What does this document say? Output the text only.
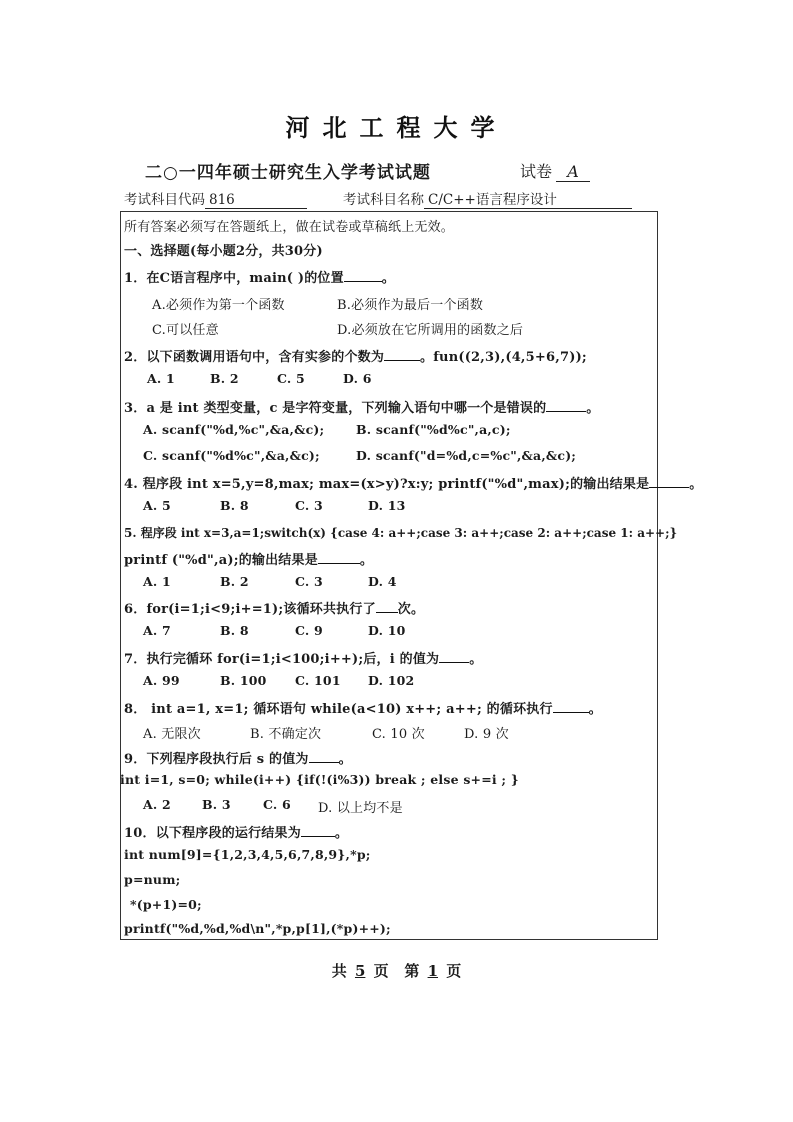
河北工程大学
二○一四年硕士研究生入学考试试题	试卷 A
考试科目代码 816	考试科目名称 C/C++语言程序设计
所有答案必须写在答题纸上，做在试卷或草稿纸上无效。
一、选择题(每小题2分，共30分)
1．在C语言程序中，main( )的位置	。
A.必须作为第一个函数	B.必须作为最后一个函数
C.可以任意	D.必须放在它所调用的函数之后
2．以下函数调用语句中，含有实参的个数为	。fun((2,3),(4,5+6,7));
A. 1	B. 2	C. 5	D. 6
3．a 是 int 类型变量，c 是字符变量，下列输入语句中哪一个是错误的	。
A. scanf("%d,%c",&a,&c);	B. scanf("%d%c",a,c);
C. scanf("%d%c",&a,&c);	D. scanf("d=%d,c=%c",&a,&c);
4. 程序段 int x=5,y=8,max; max=(x>y)?x:y; printf("%d",max);的输出结果是	。
A. 5	B. 8	C. 3	D. 13
5. 程序段 int x=3,a=1;switch(x) {case 4: a++;case 3: a++;case 2: a++;case 1: a++;}
printf ("%d",a);的输出结果是	。
A. 1	B. 2	C. 3	D. 4
6．for(i=1;i<9;i+=1);该循环共执行了 次。
A. 7	B. 8	C. 9	D. 10
7．执行完循环 for(i=1;i<100;i++);后，i 的值为 。
A. 99	B. 100 C. 101 D. 102
8． int a=1, x=1; 循环语句 while(a<10) x++; a++; 的循环执行	。
A. 无限次	B. 不确定次	C. 10 次	D. 9 次
9．下列程序段执行后 s 的值为 。
int i=1, s=0; while(i++) {if(!(i%3)) break ; else s+=i ; }
A. 2 B. 3	C. 6 D. 以上均不是
10．以下程序段的运行结果为	。
int num[9]={1,2,3,4,5,6,7,8,9},*p;
p=num;
*(p+1)=0;
printf("%d,%d,%d\n",*p,p[1],(*p)++);
共 5 页 第 1 页
